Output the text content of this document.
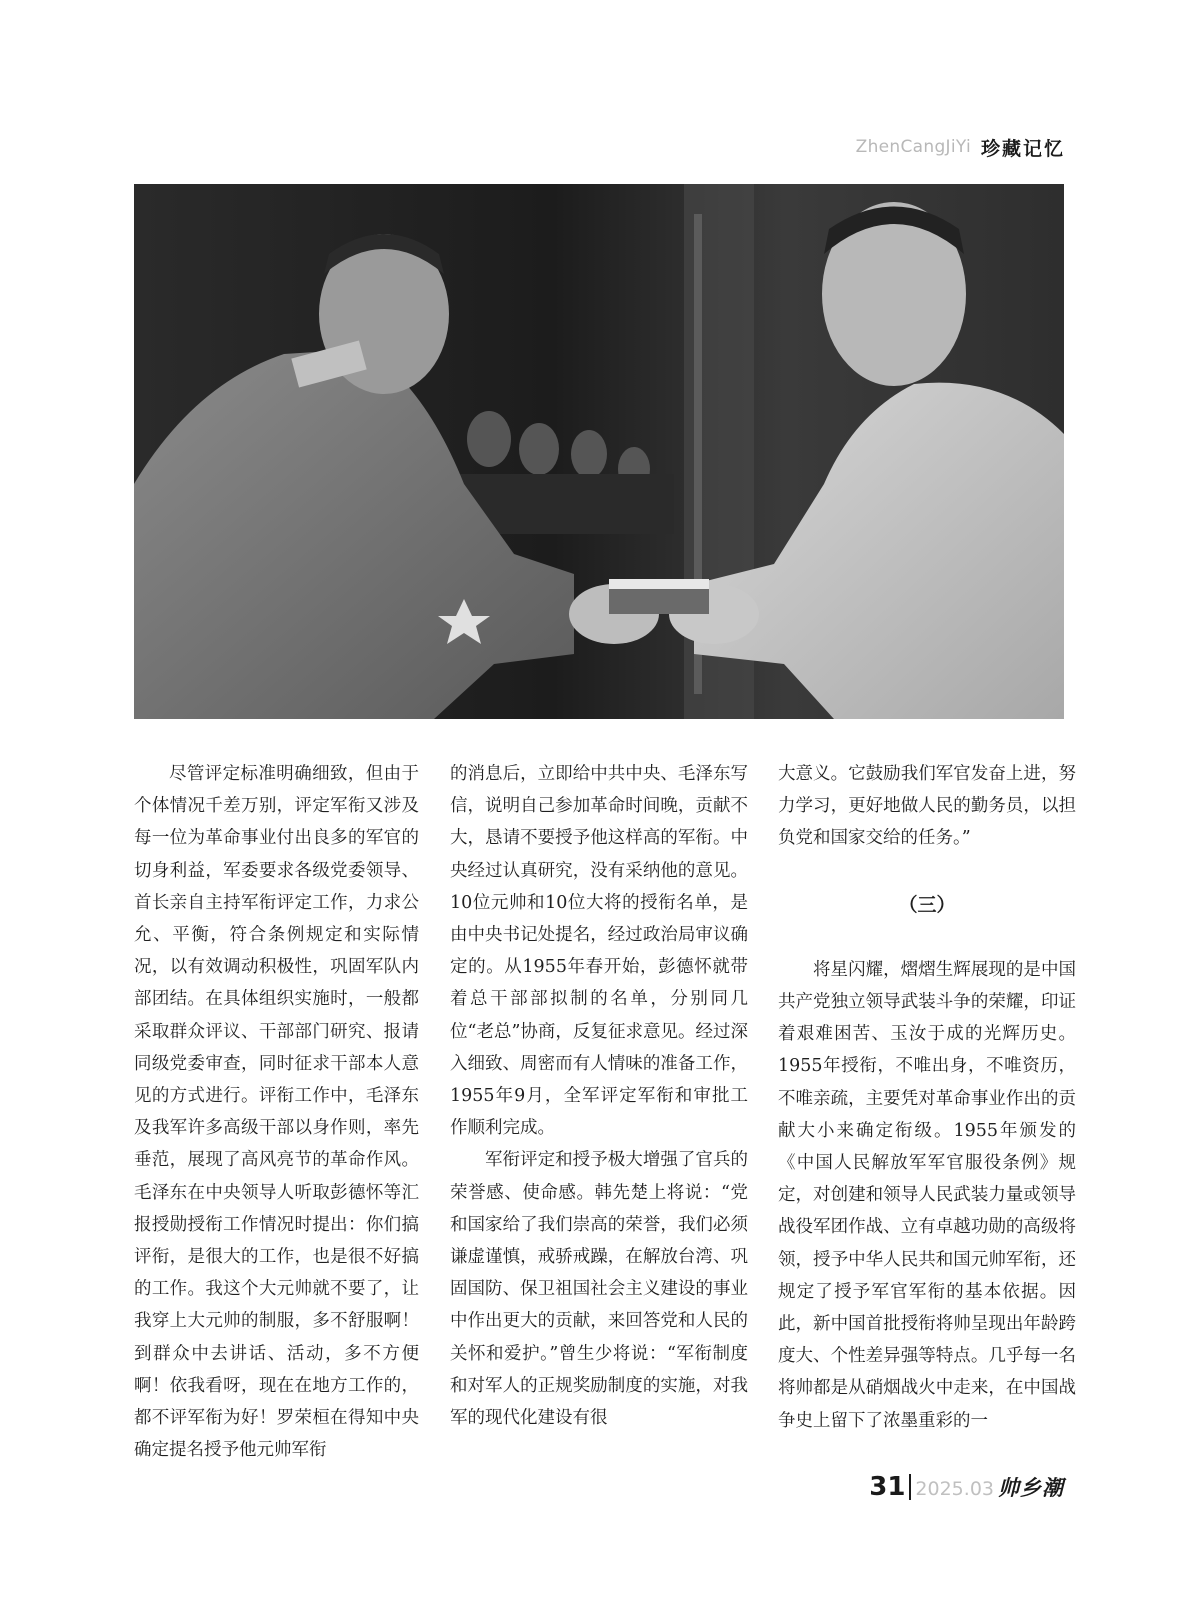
ZhenCangJiYi 珍藏记忆

尽管评定标准明确细致，但由于个体情况千差万别，评定军衔又涉及每一位为革命事业付出良多的军官的切身利益，军委要求各级党委领导、首长亲自主持军衔评定工作，力求公允、平衡，符合条例规定和实际情况，以有效调动积极性，巩固军队内部团结。在具体组织实施时，一般都采取群众评议、干部部门研究、报请同级党委审查，同时征求干部本人意见的方式进行。评衔工作中，毛泽东及我军许多高级干部以身作则，率先垂范，展现了高风亮节的革命作风。毛泽东在中央领导人听取彭德怀等汇报授勋授衔工作情况时提出：你们搞评衔，是很大的工作，也是很不好搞的工作。我这个大元帅就不要了，让我穿上大元帅的制服，多不舒服啊！到群众中去讲话、活动，多不方便啊！依我看呀，现在在地方工作的，都不评军衔为好！罗荣桓在得知中央确定提名授予他元帅军衔

的消息后，立即给中共中央、毛泽东写信，说明自己参加革命时间晚，贡献不大，恳请不要授予他这样高的军衔。中央经过认真研究，没有采纳他的意见。10位元帅和10位大将的授衔名单，是由中央书记处提名，经过政治局审议确定的。从1955年春开始，彭德怀就带着总干部部拟制的名单，分别同几位“老总”协商，反复征求意见。经过深入细致、周密而有人情味的准备工作，1955年9月，全军评定军衔和审批工作顺利完成。

军衔评定和授予极大增强了官兵的荣誉感、使命感。韩先楚上将说：“党和国家给了我们崇高的荣誉，我们必须谦虚谨慎，戒骄戒躁，在解放台湾、巩固国防、保卫祖国社会主义建设的事业中作出更大的贡献，来回答党和人民的关怀和爱护。”曾生少将说：“军衔制度和对军人的正规奖励制度的实施，对我军的现代化建设有很

大意义。它鼓励我们军官发奋上进，努力学习，更好地做人民的勤务员，以担负党和国家交给的任务。”

（三）

将星闪耀，熠熠生辉展现的是中国共产党独立领导武装斗争的荣耀，印证着艰难困苦、玉汝于成的光辉历史。1955年授衔，不唯出身，不唯资历，不唯亲疏，主要凭对革命事业作出的贡献大小来确定衔级。1955年颁发的《中国人民解放军军官服役条例》规定，对创建和领导人民武装力量或领导战役军团作战、立有卓越功勋的高级将领，授予中华人民共和国元帅军衔，还规定了授予军官军衔的基本依据。因此，新中国首批授衔将帅呈现出年龄跨度大、个性差异强等特点。几乎每一名将帅都是从硝烟战火中走来，在中国战争史上留下了浓墨重彩的一

31 2025.03 帅乡潮
